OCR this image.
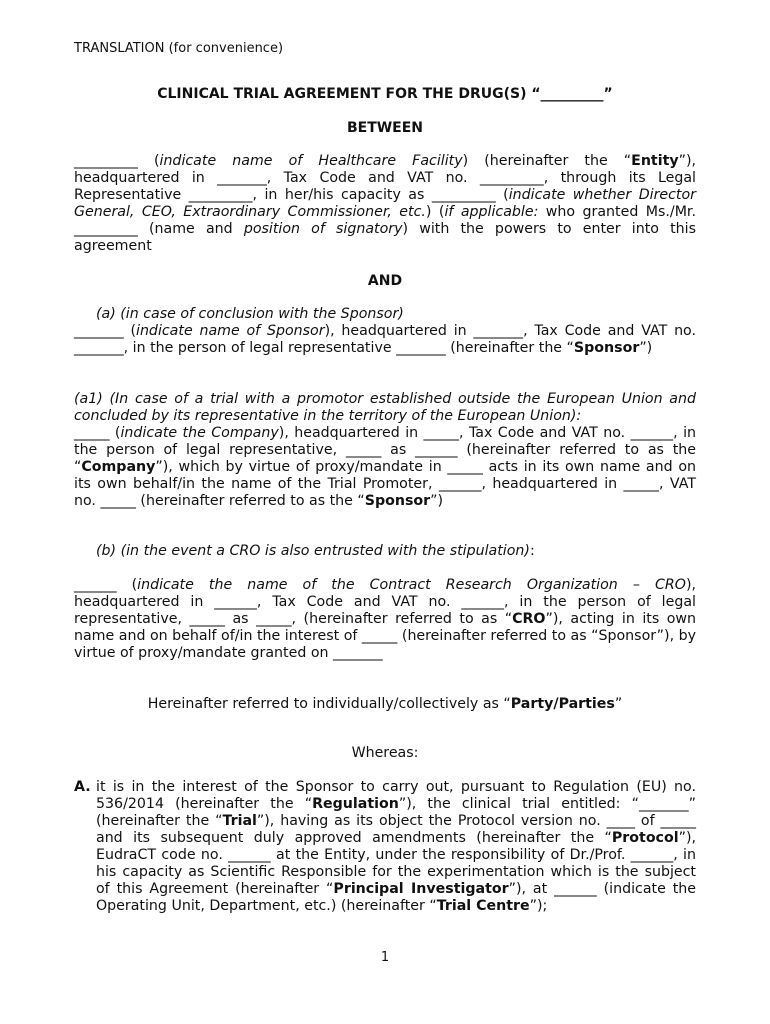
TRANSLATION (for convenience)
CLINICAL TRIAL AGREEMENT FOR THE DRUG(S) “_________”
BETWEEN

_________ (indicate name of Healthcare Facility) (hereinafter the “Entity”), headquartered in _______, Tax Code and VAT no. _________, through its Legal Representative _________, in her/his capacity as _________ (indicate whether Director General, CEO, Extraordinary Commissioner, etc.) (if applicable: who granted Ms./Mr. _________ (name and position of signatory) with the powers to enter into this agreement

AND

(a) (in case of conclusion with the Sponsor)

_______ (indicate name of Sponsor), headquartered in _______, Tax Code and VAT no. _______, in the person of legal representative _______ (hereinafter the “Sponsor”)

(a1) (In case of a trial with a promotor established outside the European Union and concluded by its representative in the territory of the European Union):
_____ (indicate the Company), headquartered in _____, Tax Code and VAT no. ______, in the person of legal representative, _____ as ______ (hereinafter referred to as the “Company”), which by virtue of proxy/mandate in _____ acts in its own name and on its own behalf/in the name of the Trial Promoter, ______, headquartered in _____, VAT no. _____ (hereinafter referred to as the “Sponsor”)

(b) (in the event a CRO is also entrusted with the stipulation):

______ (indicate the name of the Contract Research Organization – CRO), headquartered in ______, Tax Code and VAT no. ______, in the person of legal representative, _____ as _____, (hereinafter referred to as “CRO”), acting in its own name and on behalf of/in the interest of _____ (hereinafter referred to as “Sponsor”), by virtue of proxy/mandate granted on _______

Hereinafter referred to individually/collectively as “Party/Parties”

Whereas:

A. it is in the interest of the Sponsor to carry out, pursuant to Regulation (EU) no. 536/2014 (hereinafter the “Regulation”), the clinical trial entitled: “_______” (hereinafter the “Trial”), having as its object the Protocol version no. ____ of _____ and its subsequent duly approved amendments (hereinafter the “Protocol”), EudraCT code no. ______ at the Entity, under the responsibility of Dr./Prof. ______, in his capacity as Scientific Responsible for the experimentation which is the subject of this Agreement (hereinafter “Principal Investigator”), at ______ (indicate the Operating Unit, Department, etc.) (hereinafter “Trial Centre”);
1
